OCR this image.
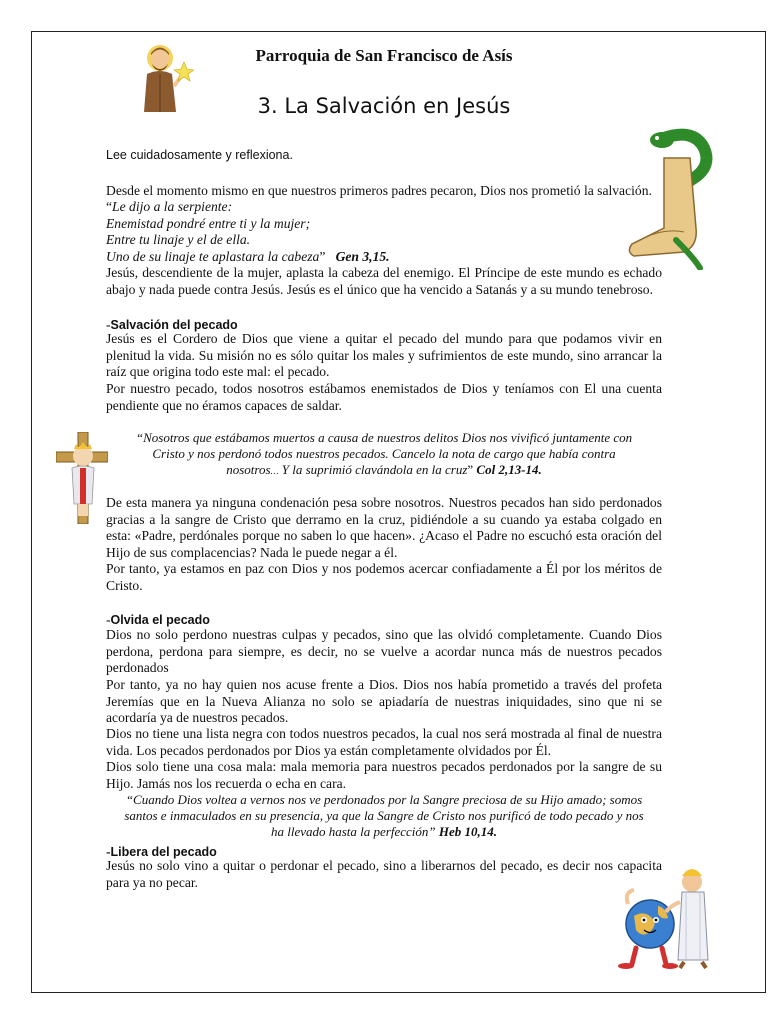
Parroquia de San Francisco de Asís
3. La Salvación en Jesús
Lee cuidadosamente y reflexiona.
Desde el momento mismo en que nuestros primeros padres pecaron, Dios nos prometió la salvación.
“Le dijo a la serpiente:
Enemistad pondré entre ti y la mujer;
Entre tu linaje y el de ella.
Uno de su linaje te aplastara la cabeza” Gen 3,15.
Jesús, descendiente de la mujer, aplasta la cabeza del enemigo. El Príncipe de este mundo es echado abajo y nada puede contra Jesús. Jesús es el único que ha vencido a Satanás y a su mundo tenebroso.
-Salvación del pecado
Jesús es el Cordero de Dios que viene a quitar el pecado del mundo para que podamos vivir en plenitud la vida. Su misión no es sólo quitar los males y sufrimientos de este mundo, sino arrancar la raíz que origina todo este mal: el pecado.
Por nuestro pecado, todos nosotros estábamos enemistados de Dios y teníamos con El una cuenta pendiente que no éramos capaces de saldar.
“Nosotros que estábamos muertos a causa de nuestros delitos Dios nos vivificó juntamente con
Cristo y nos perdonó todos nuestros pecados. Cancelo la nota de cargo que había contra
nosotros… Y la suprimió clavándola en la cruz” Col 2,13-14.
De esta manera ya ninguna condenación pesa sobre nosotros. Nuestros pecados han sido perdonados gracias a la sangre de Cristo que derramo en la cruz, pidiéndole a su cuando ya estaba colgado en esta: «Padre, perdónales porque no saben lo que hacen». ¿Acaso el Padre no escuchó esta oración del Hijo de sus complacencias? Nada le puede negar a él.
Por tanto, ya estamos en paz con Dios y nos podemos acercar confiadamente a Él por los méritos de Cristo.
-Olvida el pecado
Dios no solo perdono nuestras culpas y pecados, sino que las olvidó completamente. Cuando Dios perdona, perdona para siempre, es decir, no se vuelve a acordar nunca más de nuestros pecados perdonados
Por tanto, ya no hay quien nos acuse frente a Dios. Dios nos había prometido a través del profeta Jeremías que en la Nueva Alianza no solo se apiadaría de nuestras iniquidades, sino que ni se acordaría ya de nuestros pecados.
Dios no tiene una lista negra con todos nuestros pecados, la cual nos será mostrada al final de nuestra vida. Los pecados perdonados por Dios ya están completamente olvidados por Él.
Dios solo tiene una cosa mala: mala memoria para nuestros pecados perdonados por la sangre de su Hijo. Jamás nos los recuerda o echa en cara.
“Cuando Dios voltea a vernos nos ve perdonados por la Sangre preciosa de su Hijo amado; somos
santos e inmaculados en su presencia, ya que la Sangre de Cristo nos purificó de todo pecado y nos
ha llevado hasta la perfección” Heb 10,14.
-Libera del pecado
Jesús no solo vino a quitar o perdonar el pecado, sino a liberarnos del pecado, es decir nos capacita para ya no pecar.
